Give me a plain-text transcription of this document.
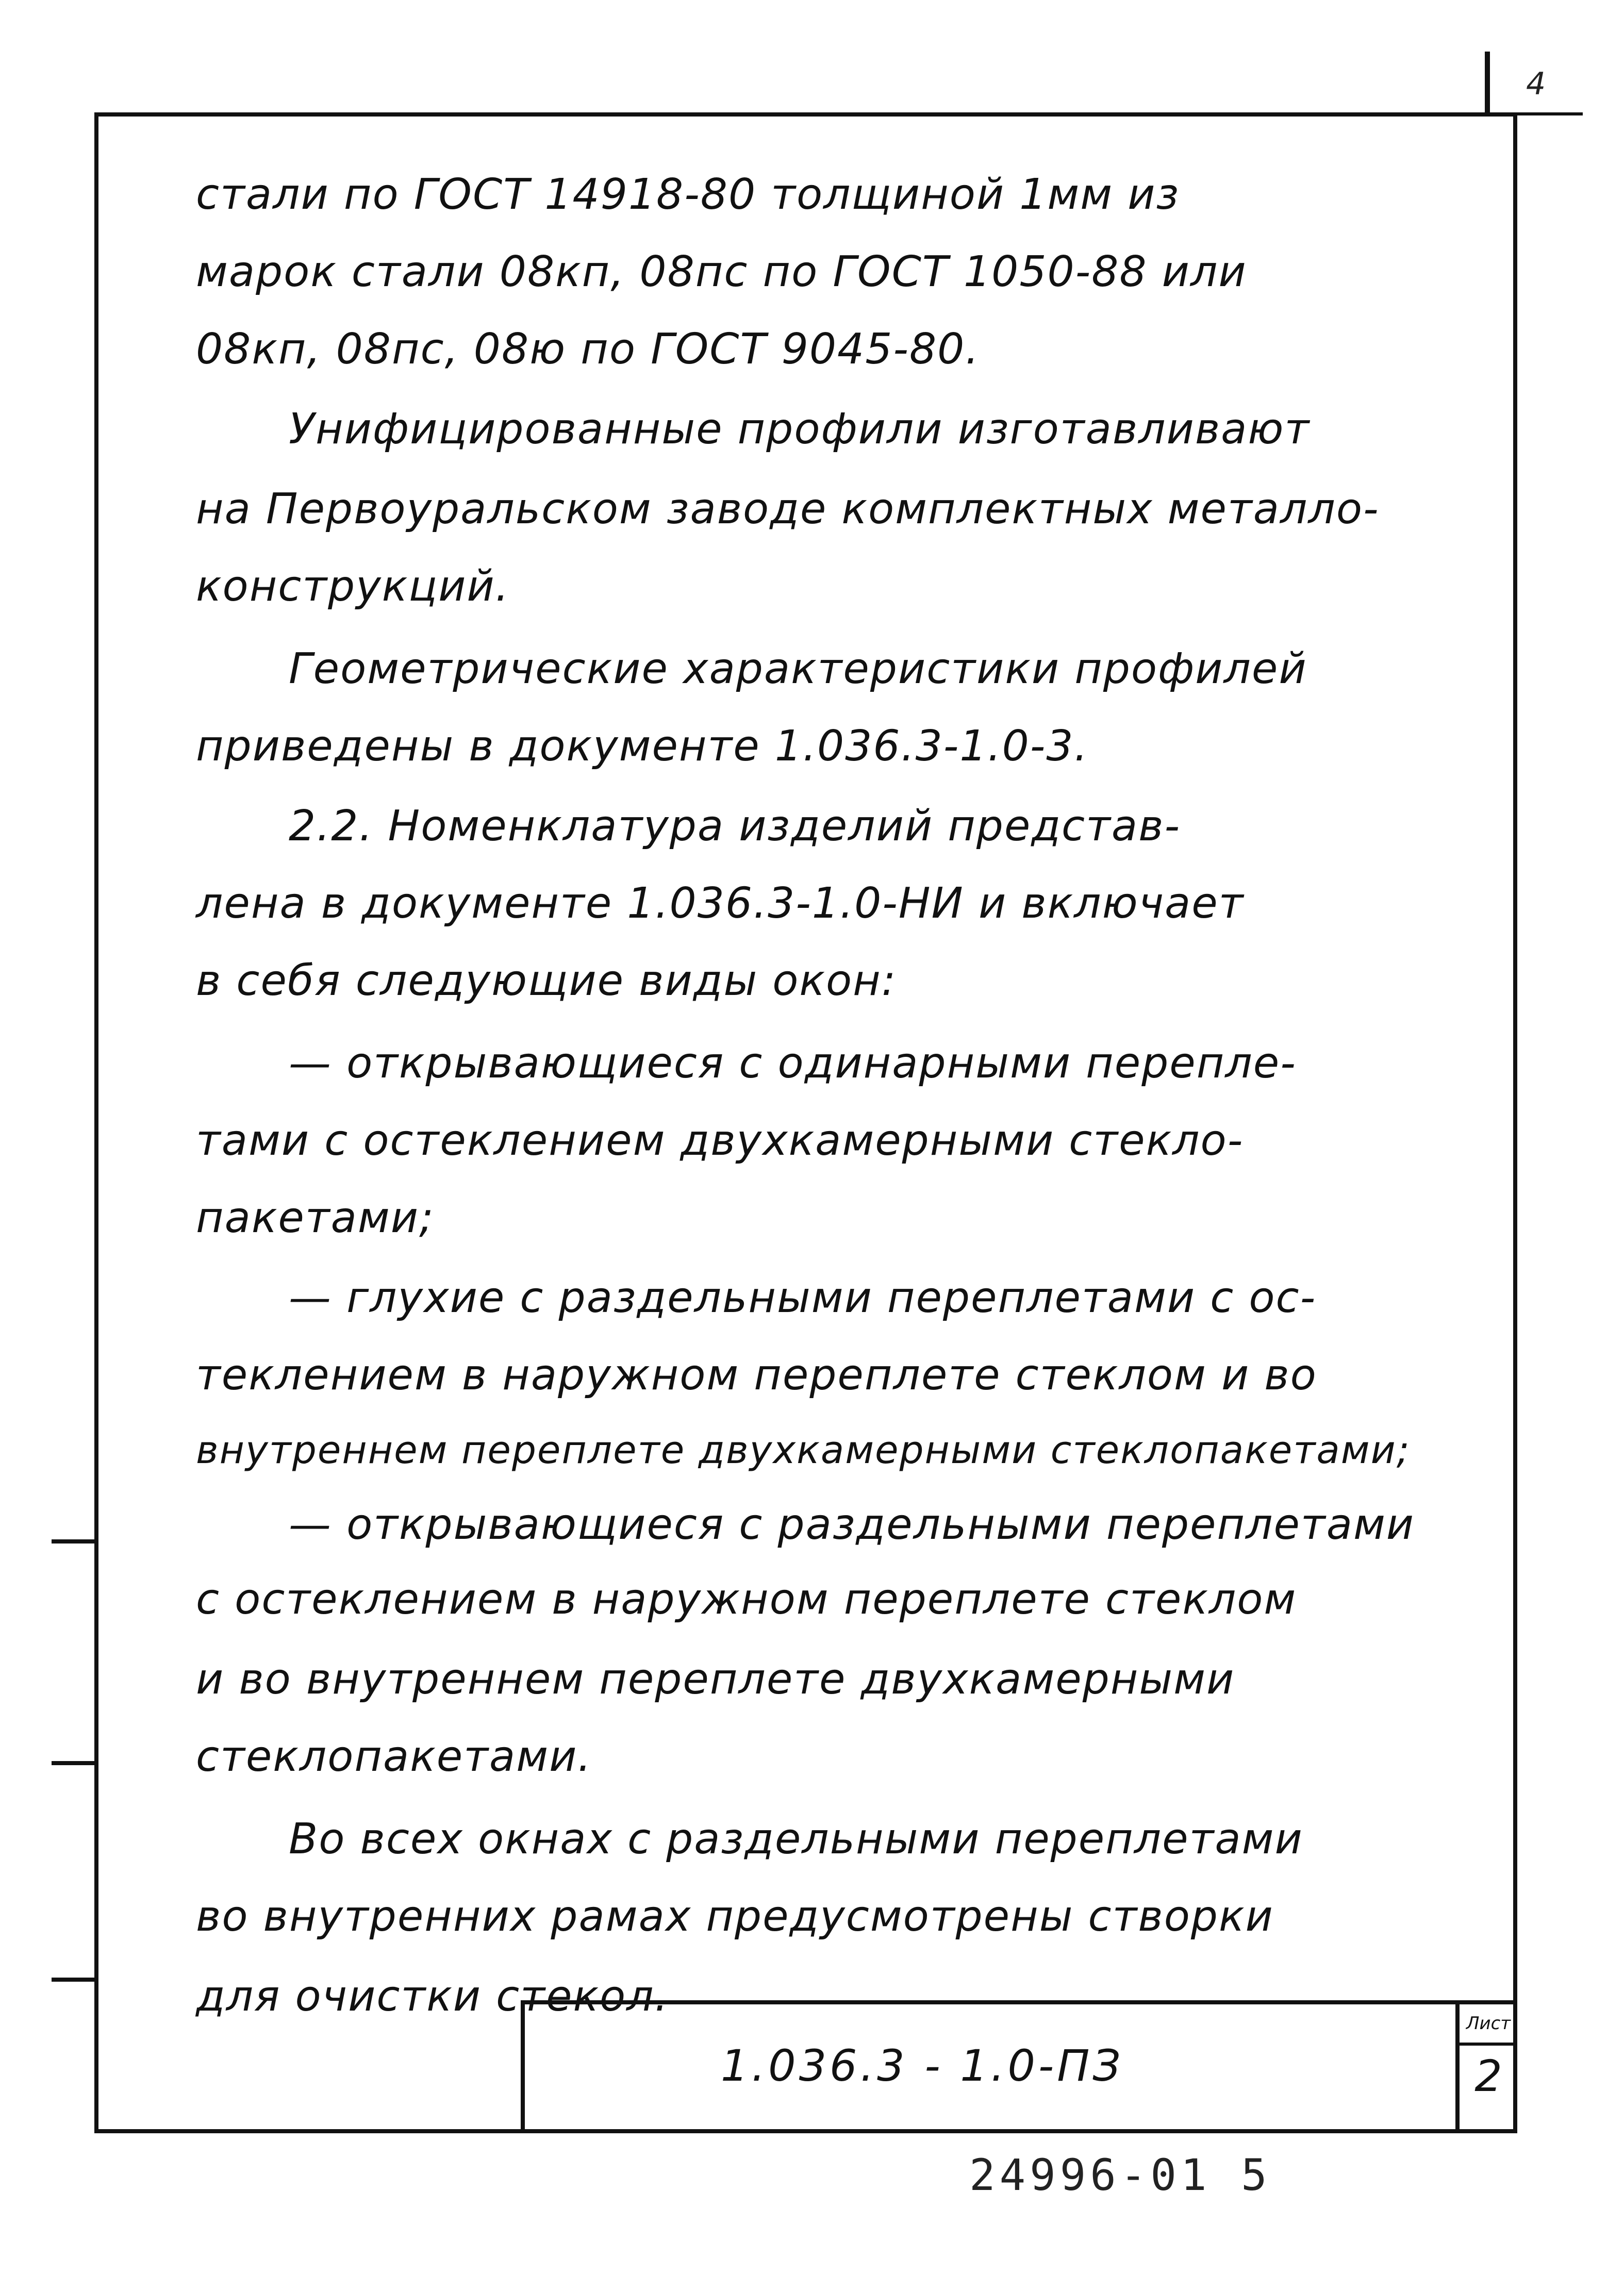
4
стали по ГОСТ 14918-80 толщиной 1мм из
марок стали 08кп, 08пс по ГОСТ 1050-88 или
08кп, 08пс, 08ю по ГОСТ 9045-80.
Унифицированные профили изготавливают
на Первоуральском заводе комплектных металло-
конструкций.
Геометрические характеристики профилей
приведены в документе 1.036.3-1.0-3.
2.2. Номенклатура изделий представ-
лена в документе 1.036.3-1.0-НИ и включает
в себя следующие виды окон:
— открывающиеся с одинарными переплe-
тами с остеклением двухкамерными стекло-
пакетами;
— глухие с раздельными переплетами с ос-
теклением в наружном переплете стеклом и во
внутреннем переплете двухкамерными стеклопакетами;
— открывающиеся с раздельными переплетами
с остеклением в наружном переплете стеклом
и во внутреннем переплете двухкамерными
стеклопакетами.
Во всех окнах с раздельными переплетами
во внутренних рамах предусмотрены створки
для очистки стекол.
1.036.3 - 1.0-ПЗ
Лист
2
24996-01 5
